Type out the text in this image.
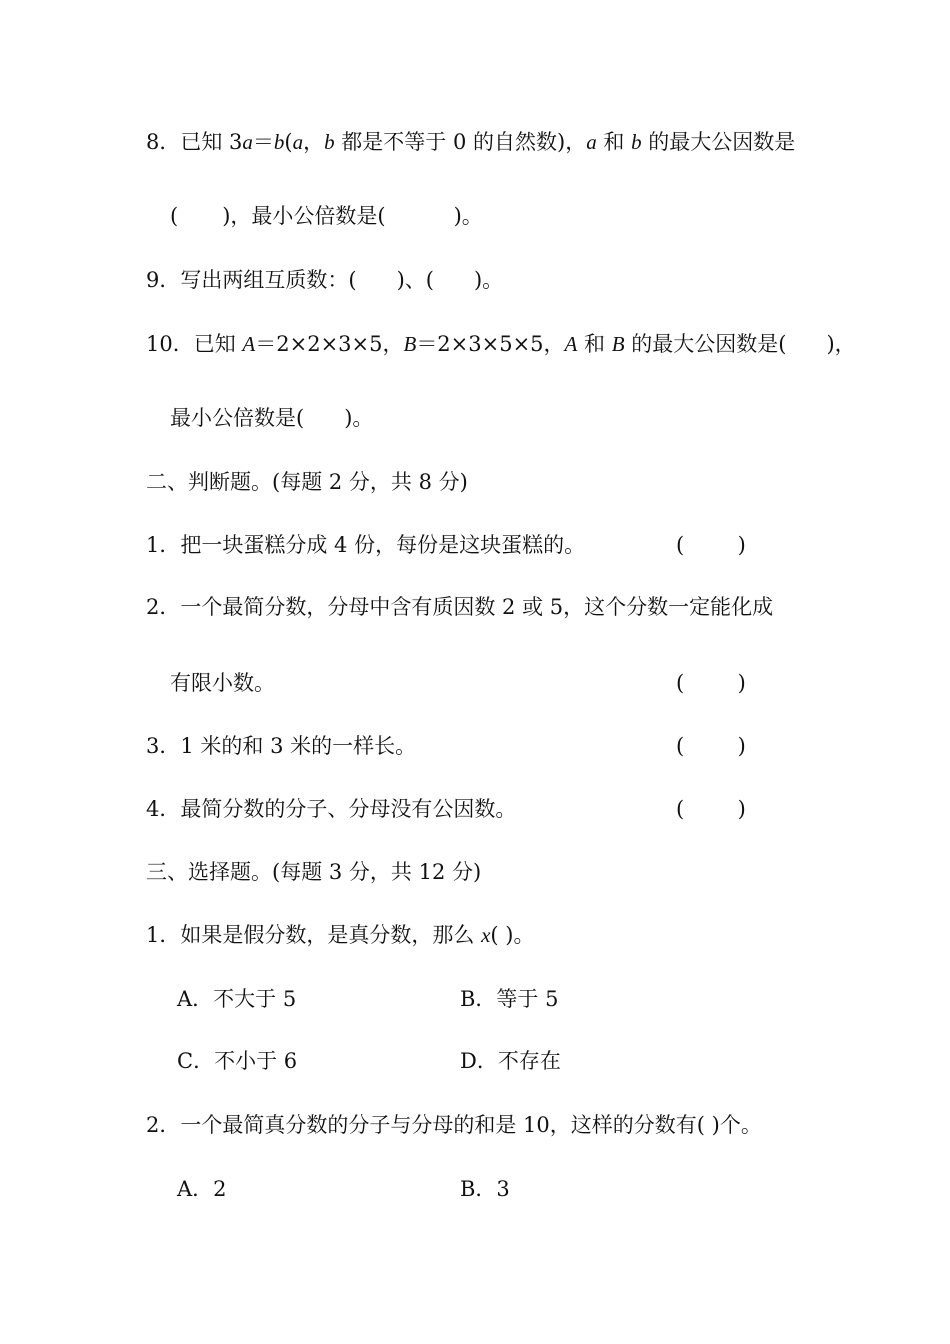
8．已知 3a＝b(a，b 都是不等于 0 的自然数)，a 和 b 的最大公因数是
( )，最小公倍数是(	)。
9．写出两组互质数：( )、( )。
10．已知 A＝2×2×3×5，B＝2×3×5×5，A 和 B 的最大公因数是( )，
最小公倍数是( )。
二、判断题。(每题 2 分，共 8 分)
1．把一块蛋糕分成 4 份，每份是这块蛋糕的。	(        )
2．一个最简分数，分母中含有质因数 2 或 5，这个分数一定能化成
有限小数。	(        )
3．1 米的和 3 米的一样长。	(        )
4．最简分数的分子、分母没有公因数。	(        )
三、选择题。(每题 3 分，共 12 分)
1．如果是假分数，是真分数，那么 x( )。
A．不大于 5	B．等于 5
C．不小于 6	D．不存在
2．一个最简真分数的分子与分母的和是 10，这样的分数有( )个。
A．2	B．3
